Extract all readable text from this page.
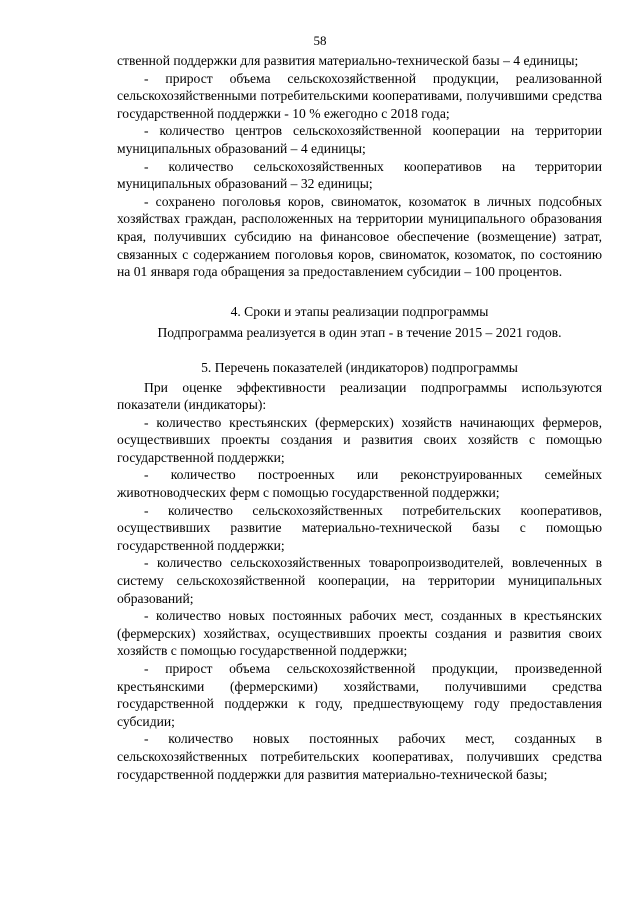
58

ственной поддержки для развития материально-технической базы – 4 единицы;

- прирост объема сельскохозяйственной продукции, реализованной сельскохозяйственными потребительскими кооперативами, получившими средства государственной поддержки - 10 % ежегодно с 2018 года;

- количество центров сельскохозяйственной кооперации на территории муниципальных образований – 4 единицы;

- количество сельскохозяйственных кооперативов на территории муниципальных образований – 32 единицы;

- сохранено поголовья коров, свиноматок, козоматок в личных подсобных хозяйствах граждан, расположенных на территории муниципального образования края, получивших субсидию на финансовое обеспечение (возмещение) затрат, связанных с содержанием поголовья коров, свиноматок, козоматок, по состоянию на 01 января года обращения за предоставлением субсидии – 100 процентов.

4. Сроки и этапы реализации подпрограммы

Подпрограмма реализуется в один этап - в течение 2015 – 2021 годов.

5. Перечень показателей (индикаторов) подпрограммы

При оценке эффективности реализации подпрограммы используются показатели (индикаторы):

- количество крестьянских (фермерских) хозяйств начинающих фермеров, осуществивших проекты создания и развития своих хозяйств с помощью государственной поддержки;

- количество построенных или реконструированных семейных животноводческих ферм с помощью государственной поддержки;

- количество сельскохозяйственных потребительских кооперативов, осуществивших развитие материально-технической базы с помощью государственной поддержки;

- количество сельскохозяйственных товаропроизводителей, вовлеченных в систему сельскохозяйственной кооперации, на территории муниципальных образований;

- количество новых постоянных рабочих мест, созданных в крестьянских (фермерских) хозяйствах, осуществивших проекты создания и развития своих хозяйств с помощью государственной поддержки;

- прирост объема сельскохозяйственной продукции, произведенной крестьянскими (фермерскими) хозяйствами, получившими средства государственной поддержки к году, предшествующему году предоставления субсидии;

- количество новых постоянных рабочих мест, созданных в сельскохозяйственных потребительских кооперативах, получивших средства государственной поддержки для развития материально-технической базы;
